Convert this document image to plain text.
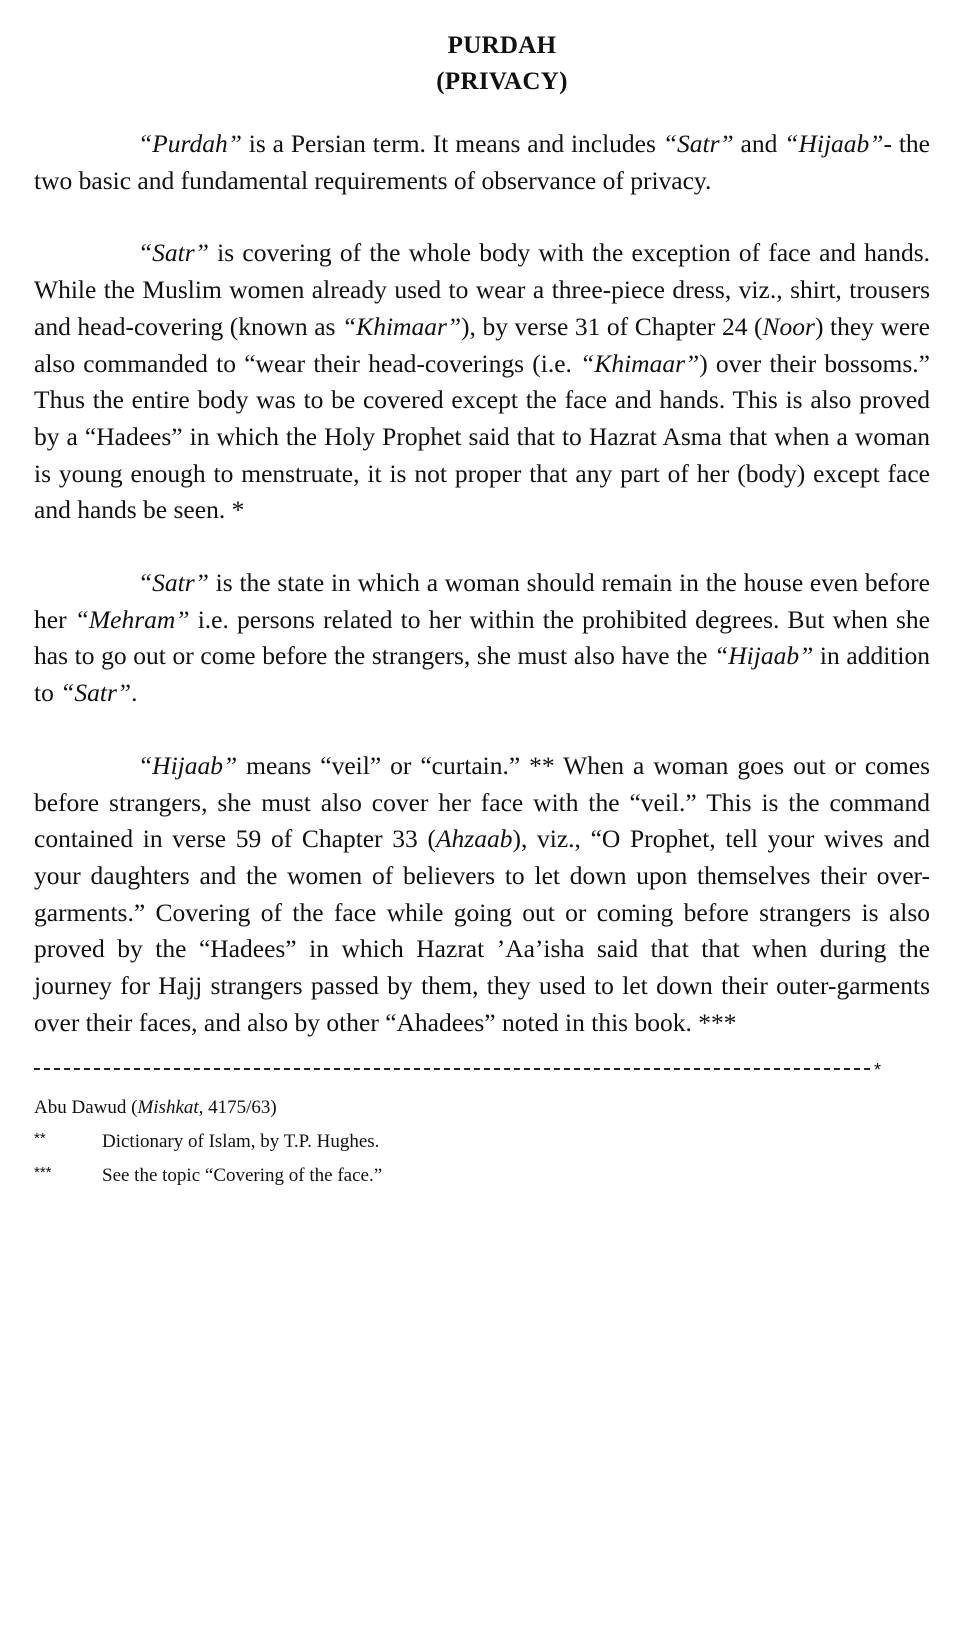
PURDAH
(PRIVACY)

“Purdah” is a Persian term. It means and includes “Satr” and “Hijaab”- the two basic and fundamental requirements of observance of privacy.

“Satr” is covering of the whole body with the exception of face and hands. While the Muslim women already used to wear a three-piece dress, viz., shirt, trousers and head-covering (known as “Khimaar”), by verse 31 of Chapter 24 (Noor) they were also commanded to “wear their head-coverings (i.e. “Khimaar”) over their bossoms.” Thus the entire body was to be covered except the face and hands. This is also proved by a “Hadees” in which the Holy Prophet said that to Hazrat Asma that when a woman is young enough to menstruate, it is not proper that any part of her (body) except face and hands be seen. *

“Satr” is the state in which a woman should remain in the house even before her “Mehram” i.e. persons related to her within the prohibited degrees. But when she has to go out or come before the strangers, she must also have the “Hijaab” in addition to “Satr”.

“Hijaab” means “veil” or “curtain.” ** When a woman goes out or comes before strangers, she must also cover her face with the “veil.” This is the command contained in verse 59 of Chapter 33 (Ahzaab), viz., “O Prophet, tell your wives and your daughters and the women of believers to let down upon themselves their over-garments.” Covering of the face while going out or coming before strangers is also proved by the “Hadees” in which Hazrat ’Aa’isha said that that when during the journey for Hajj strangers passed by them, they used to let down their outer-garments over their faces, and also by other “Ahadees” noted in this book. ***

*
Abu Dawud (Mishkat, 4175/63)
**	Dictionary of Islam, by T.P. Hughes.
***	See the topic “Covering of the face.”
